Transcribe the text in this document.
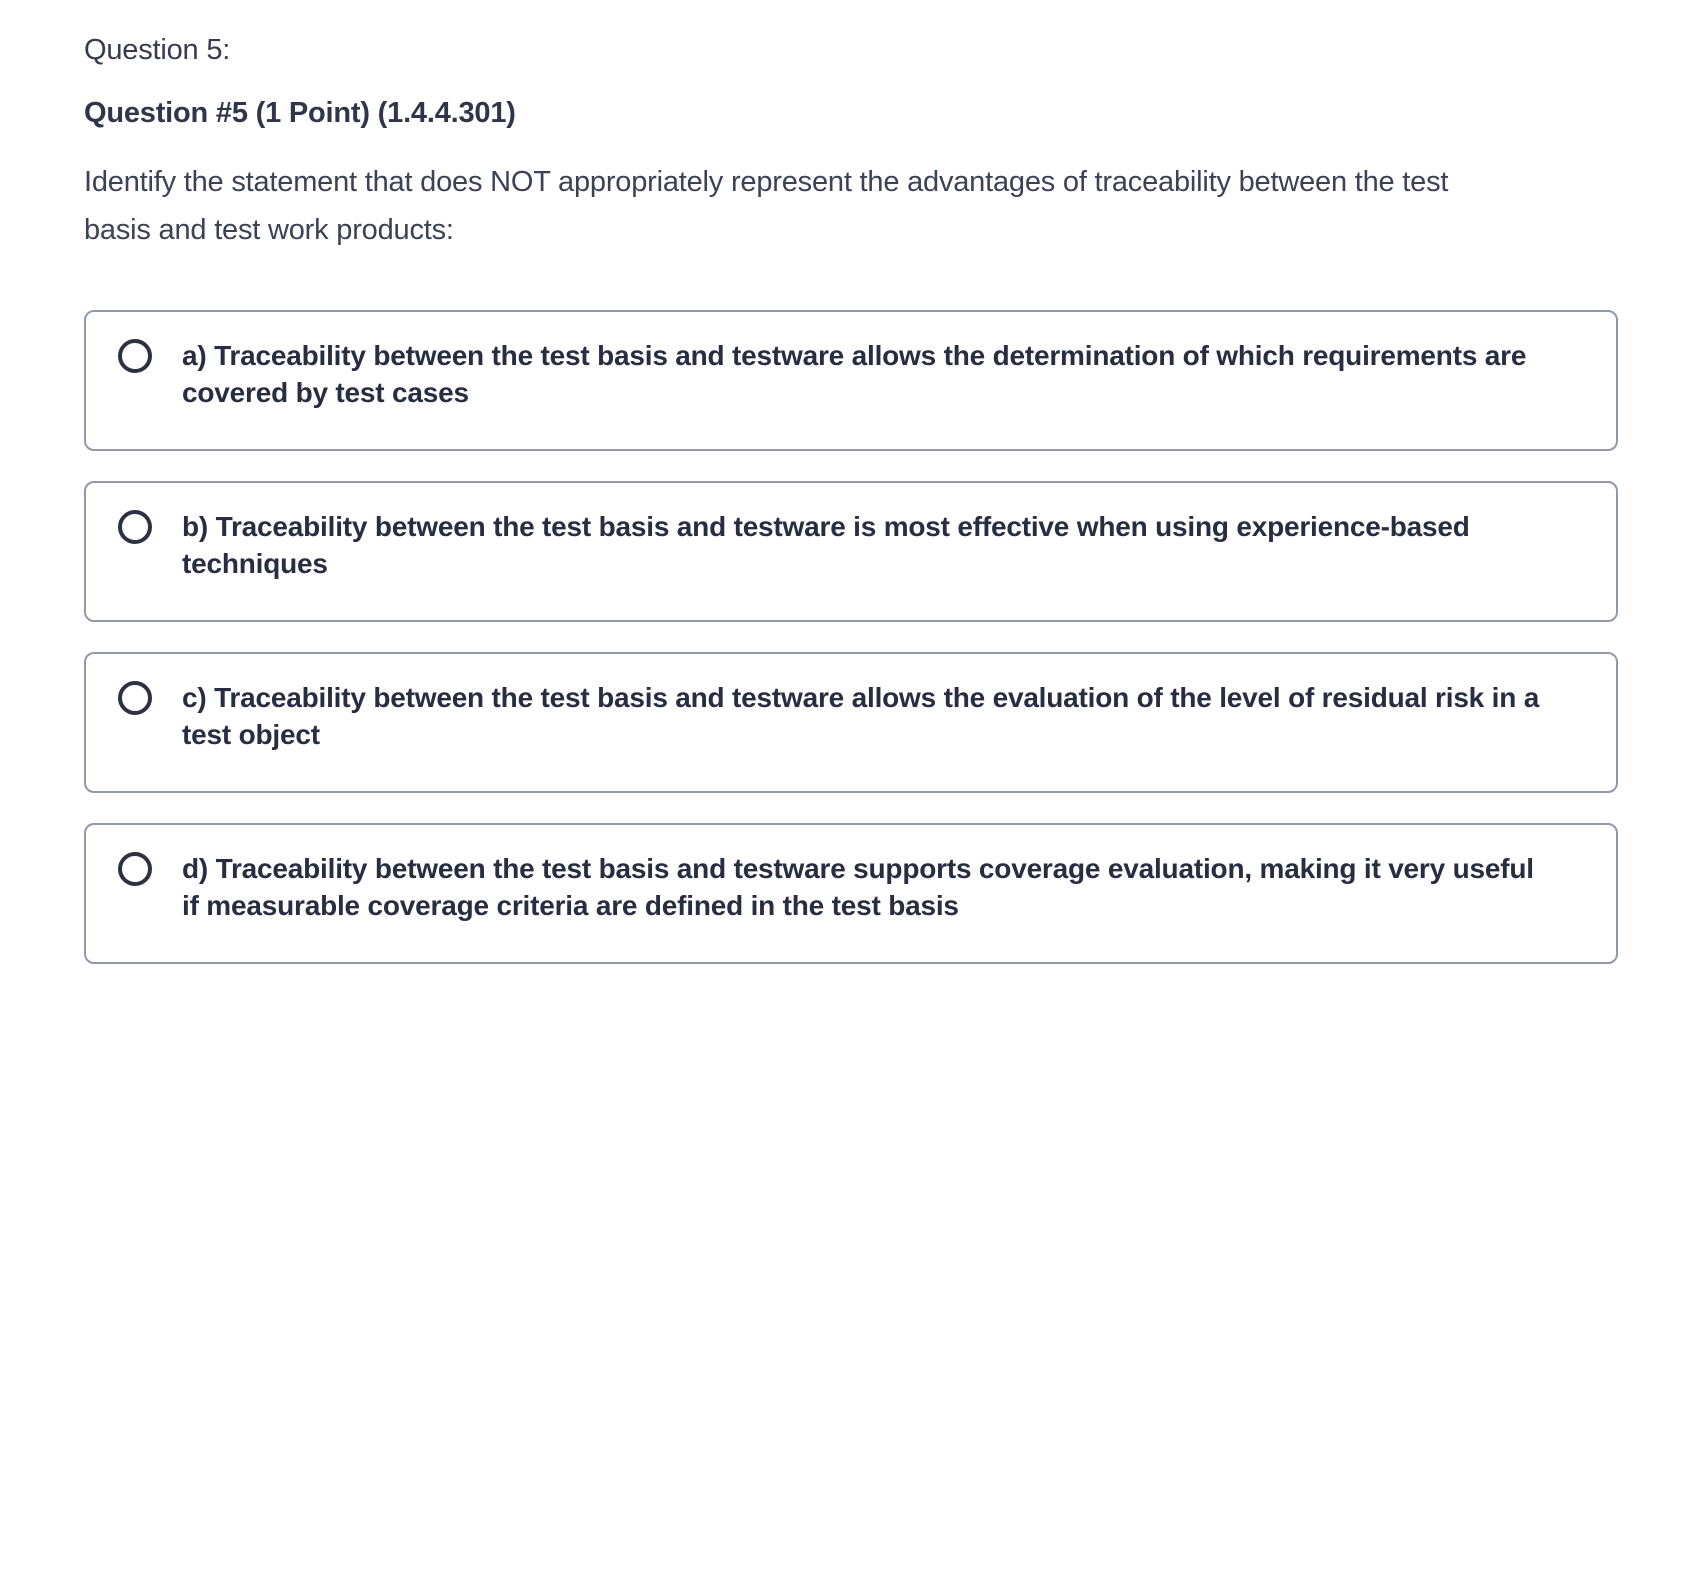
Question 5:
Question #5 (1 Point) (1.4.4.301)

Identify the statement that does NOT appropriately represent the advantages of traceability between the test basis and test work products:

a) Traceability between the test basis and testware allows the determination of which requirements are covered by test cases
b) Traceability between the test basis and testware is most effective when using experience-based techniques
c) Traceability between the test basis and testware allows the evaluation of the level of residual risk in a test object
d) Traceability between the test basis and testware supports coverage evaluation, making it very useful if measurable coverage criteria are defined in the test basis
